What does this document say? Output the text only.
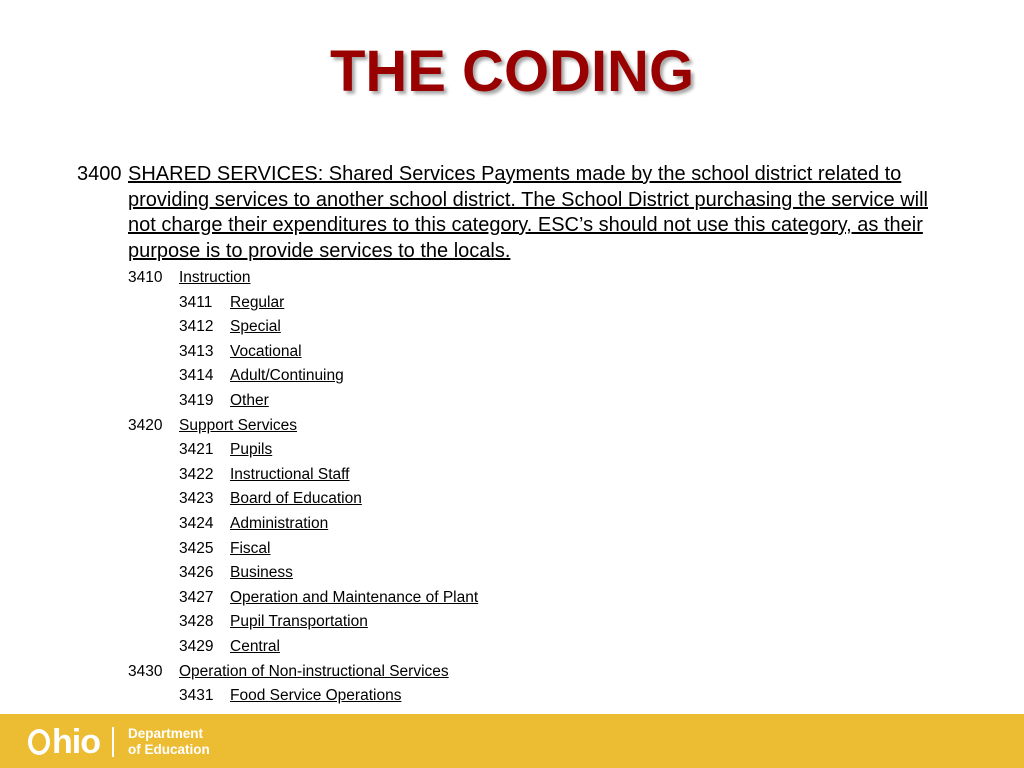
THE CODING
3400 SHARED SERVICES: Shared Services Payments made by the school district related to providing services to another school district. The School District purchasing the service will not charge their expenditures to this category. ESC’s should not use this category, as their purpose is to provide services to the locals.
3410 Instruction
3411 Regular
3412 Special
3413 Vocational
3414 Adult/Continuing
3419 Other
3420 Support Services
3421 Pupils
3422 Instructional Staff
3423 Board of Education
3424 Administration
3425 Fiscal
3426 Business
3427 Operation and Maintenance of Plant
3428 Pupil Transportation
3429 Central
3430 Operation of Non-instructional Services
3431 Food Service Operations
hio Department
of Education
